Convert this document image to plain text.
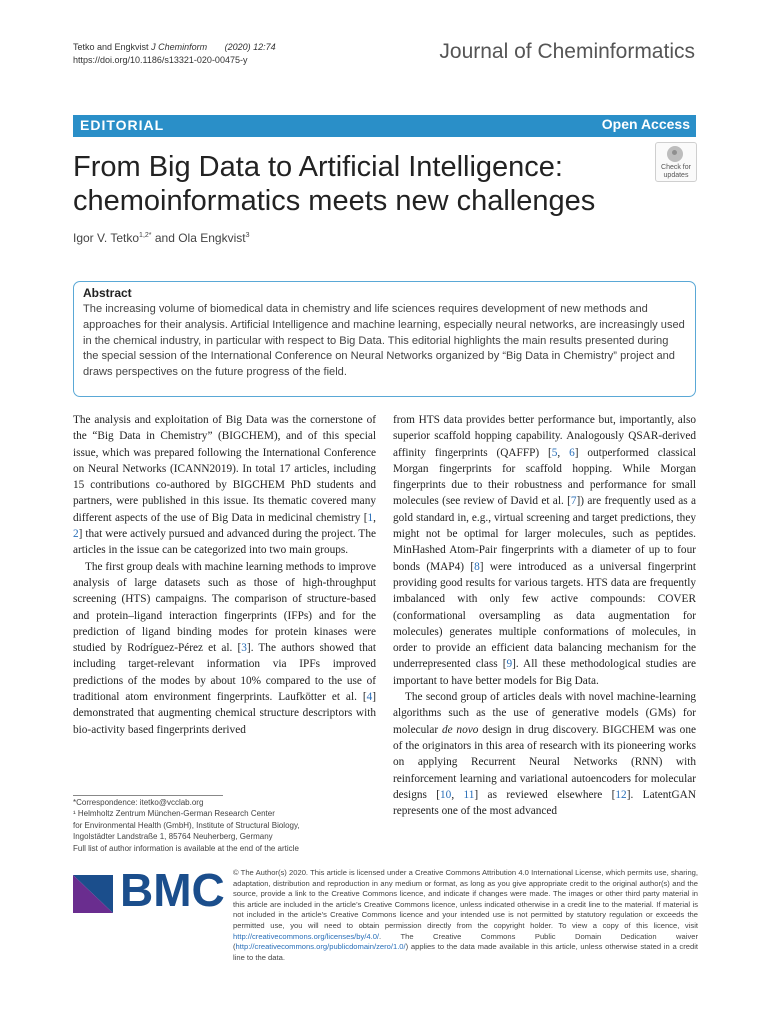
Tetko and Engkvist J Cheminform (2020) 12:74
https://doi.org/10.1186/s13321-020-00475-y	Journal of Cheminformatics
EDITORIAL	Open Access
From Big Data to Artificial Intelligence: chemoinformatics meets new challenges
Check for
updates
Igor V. Tetko$^{1,2*}$ and Ola Engkvist$^3$

Abstract

The increasing volume of biomedical data in chemistry and life sciences requires development of new methods and approaches for their analysis. Artificial Intelligence and machine learning, especially neural networks, are increasingly used in the chemical industry, in particular with respect to Big Data. This editorial highlights the main results presented during the special session of the International Conference on Neural Networks organized by “Big Data in Chemistry” project and draws perspectives on the future progress of the field.

The analysis and exploitation of Big Data was the cornerstone of the “Big Data in Chemistry” (BIGCHEM), and of this special issue, which was prepared following the International Conference on Neural Networks (ICANN2019). In total 17 articles, including 15 contributions co-authored by BIGCHEM PhD students and partners, were published in this issue. Its thematic covered many different aspects of the use of Big Data in medicinal chemistry [1, 2] that were actively pursued and advanced during the project. The articles in the issue can be categorized into two main groups.

The first group deals with machine learning methods to improve analysis of large datasets such as those of high-throughput screening (HTS) campaigns. The comparison of structure-based and protein–ligand interaction fingerprints (IFPs) and for the prediction of ligand binding modes for protein kinases were studied by Rodríguez-Pérez et al. [3]. The authors showed that including target-relevant information via IPFs improved predictions of the modes by about 10% compared to the use of traditional atom environment fingerprints. Laufkötter et al. [4] demonstrated that augmenting chemical structure descriptors with bio-activity based fingerprints derived

from HTS data provides better performance but, importantly, also superior scaffold hopping capability. Analogously QSAR-derived affinity fingerprints (QAFFP) [5, 6] outperformed classical Morgan fingerprints for scaffold hopping. While Morgan fingerprints due to their robustness and performance for small molecules (see review of David et al. [7]) are frequently used as a gold standard in, e.g., virtual screening and target predictions, they might not be optimal for larger molecules, such as peptides. MinHashed Atom-Pair fingerprints with a diameter of up to four bonds (MAP4) [8] were introduced as a universal fingerprint providing good results for various targets. HTS data are frequently imbalanced with only few active compounds: COVER (conformational oversampling as data augmentation for molecules) generates multiple conformations of molecules, in order to provide an efficient data balancing mechanism for the underrepresented class [9]. All these methodological studies are important to have better models for Big Data.

The second group of articles deals with novel machine-learning algorithms such as the use of generative models (GMs) for molecular de novo design in drug discovery. BIGCHEM was one of the originators in this area of research with its pioneering works on applying Recurrent Neural Networks (RNN) with reinforcement learning and variational autoencoders for molecular designs [10, 11] as reviewed elsewhere [12]. LatentGAN represents one of the most advanced

*Correspondence: itetko@vcclab.org
¹ Helmholtz Zentrum München-German Research Center
for Environmental Health (GmbH), Institute of Structural Biology,
Ingolstädter Landstraße 1, 85764 Neuherberg, Germany
Full list of author information is available at the end of the article
BMC © The Author(s) 2020. This article is licensed under a Creative Commons Attribution 4.0 International License, which permits use, sharing, adaptation, distribution and reproduction in any medium or format, as long as you give appropriate credit to the original author(s) and the source, provide a link to the Creative Commons licence, and indicate if changes were made. The images or other third party material in this article are included in the article’s Creative Commons licence, unless indicated otherwise in a credit line to the material. If material is not included in the article’s Creative Commons licence and your intended use is not permitted by statutory regulation or exceeds the permitted use, you will need to obtain permission directly from the copyright holder. To view a copy of this licence, visit http://creativecommons.org/licenses/by/4.0/. The Creative Commons Public Domain Dedication waiver (http://creativecommons.org/publicdomain/zero/1.0/) applies to the data made available in this article, unless otherwise stated in a credit line to the data.
